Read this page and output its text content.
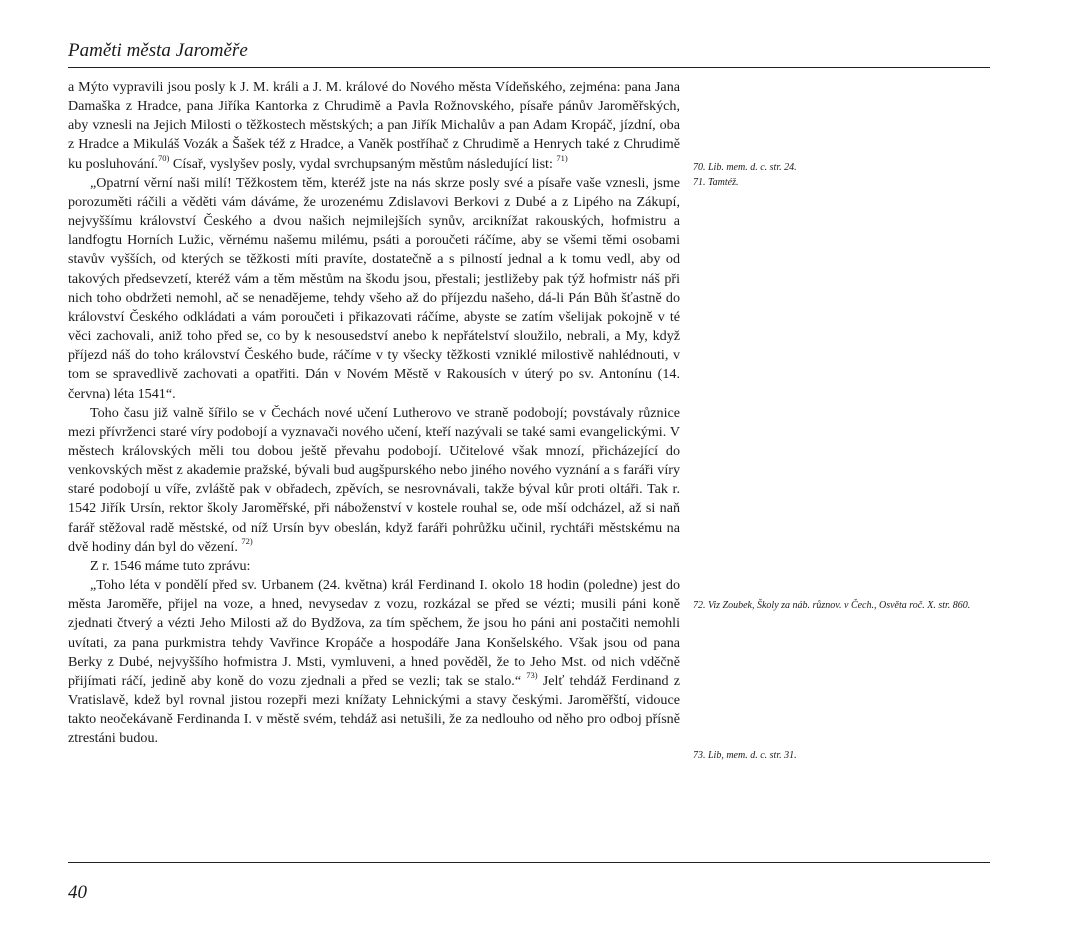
Paměti města Jaroměře

a Mýto vypravili jsou posly k J. M. králi a J. M. králové do Nového města Vídeňského, zejména: pana Jana Damaška z Hradce, pana Jiříka Kantorka z Chrudimě a Pavla Rožnovského, písaře pánův Jaroměřských, aby vznesli na Jejich Milosti o těžkostech městských; a pan Jiřík Michalův a pan Adam Kropáč, jízdní, oba z Hradce a Mikuláš Vozák a Šašek též z Hradce, a Vaněk postříhač z Chrudimě a Henrych také z Chrudimě ku posluhování.$^{70)}$ Císař, vyslyšev posly, vydal svrchupsaným městům následující list: $^{71)}$

„Opatrní věrní naši milí! Těžkostem těm, kteréž jste na nás skrze posly své a písaře vaše vznesli, jsme porozuměti ráčili a věděti vám dáváme, že urozenému Zdislavovi Berkovi z Dubé a z Lipého na Zákupí, nejvyššímu království Českého a dvou našich nejmilejších synův, arciknížat rakouských, hofmistru a landfogtu Horních Lužic, věrnému našemu milému, psáti a poroučeti ráčíme, aby se všemi těmi osobami stavův vyšších, od kterých se těžkosti míti pravíte, dostatečně a s pilností jednal a k tomu vedl, aby od takových předsevzetí, kteréž vám a těm městům na škodu jsou, přestali; jestližeby pak týž hofmistr náš při nich toho obdržeti nemohl, ač se nenadějeme, tehdy všeho až do příjezdu našeho, dá-li Pán Bůh šťastně do království Českého odkládati a vám poroučeti i přikazovati ráčíme, abyste se zatím všelijak pokojně v té věci zachovali, aniž toho před se, co by k nesousedství anebo k nepřátelství sloužilo, nebrali, a My, když příjezd náš do toho království Českého bude, ráčíme v ty všecky těžkosti vzniklé milostivě nahlédnouti, v tom se spravedlivě zachovati a opatřiti. Dán v Novém Městě v Rakousích v úterý po sv. Antonínu (14. června) léta 1541“.

Toho času již valně šířilo se v Čechách nové učení Lutherovo ve straně podobojí; povstávaly různice mezi přívrženci staré víry podobojí a vyznavači nového učení, kteří nazývali se také sami evangelickými. V městech královských měli tou dobou ještě převahu podobojí. Učitelové však mnozí, přicházející do venkovských měst z akademie pražské, bývali bud augšpurského nebo jiného nového vyznání a s faráři víry staré podobojí u víře, zvláště pak v obřadech, zpěvích, se nesrovnávali, takže býval kůr proti oltáři. Tak r. 1542 Jiřík Ursín, rektor školy Jaroměřské, při náboženství v kostele rouhal se, ode mší odcházel, až si naň farář stěžoval radě městské, od níž Ursín byv obeslán, když faráři pohrůžku učinil, rychtáři městskému na dvě hodiny dán byl do vězení. $^{72)}$

Z r. 1546 máme tuto zprávu:

„Toho léta v pondělí před sv. Urbanem (24. května) král Ferdinand I. okolo 18 hodin (poledne) jest do města Jaroměře, přijel na voze, a hned, nevysedav z vozu, rozkázal se před se vézti; musili páni koně zjednati čtverý a vézti Jeho Milosti až do Bydžova, za tím spěchem, že jsou ho páni ani postačiti nemohli uvítati, za pana purkmistra tehdy Vavřince Kropáče a hospodáře Jana Konšelského. Však jsou od pana Berky z Dubé, nejvyššího hofmistra J. Msti, vymluveni, a hned pověděl, že to Jeho Mst. od nich vděčně přijímati ráčí, jedině aby koně do vozu zjednali a před se vezli; tak se stalo.“ $^{73)}$ Jelť tehdáž Ferdinand z Vratislavě, kdež byl rovnal jistou rozepři mezi knížaty Lehnickými a stavy českými. Jaroměřští, vidouce takto neočekávaně Ferdinanda I. v městě svém, tehdáž asi netušili, že za nedlouho od něho pro odboj přísně ztrestáni budou.

70. Lib. mem. d. c. str. 24.
71. Tamtéž.
72. Viz Zoubek, Školy za náb. různov. v Čech., Osvěta roč. X. str. 860.
73. Lib, mem. d. c. str. 31.
40
